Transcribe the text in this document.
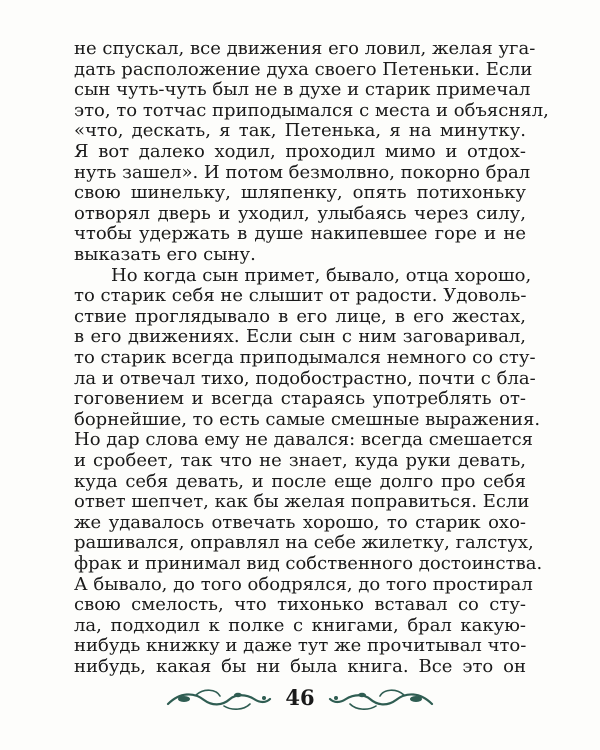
не спускал, все движения его ловил, желая уга-
дать расположение духа своего Петеньки. Если
сын чуть-чуть был не в духе и старик примечал
это, то тотчас приподымался с места и объяснял,
«что, дескать, я так, Петенька, я на минутку.
Я вот далеко ходил, проходил мимо и отдох-
нуть зашел». И потом безмолвно, покорно брал
свою шинельку, шляпенку, опять потихоньку
отворял дверь и уходил, улыбаясь через силу,
чтобы удержать в душе накипевшее горе и не
выказать его сыну.
Но когда сын примет, бывало, отца хорошо,
то старик себя не слышит от радости. Удоволь-
ствие проглядывало в его лице, в его жестах,
в его движениях. Если сын с ним заговаривал,
то старик всегда приподымался немного со сту-
ла и отвечал тихо, подобострастно, почти с бла-
гоговением и всегда стараясь употреблять от-
борнейшие, то есть самые смешные выражения.
Но дар слова ему не давался: всегда смешается
и сробеет, так что не знает, куда руки девать,
куда себя девать, и после еще долго про себя
ответ шепчет, как бы желая поправиться. Если
же удавалось отвечать хорошо, то старик охо-
рашивался, оправлял на себе жилетку, галстух,
фрак и принимал вид собственного достоинства.
А бывало, до того ободрялся, до того простирал
свою смелость, что тихонько вставал со сту-
ла, подходил к полке с книгами, брал какую-
нибудь книжку и даже тут же прочитывал что-
нибудь, какая бы ни была книга. Все это он
46
